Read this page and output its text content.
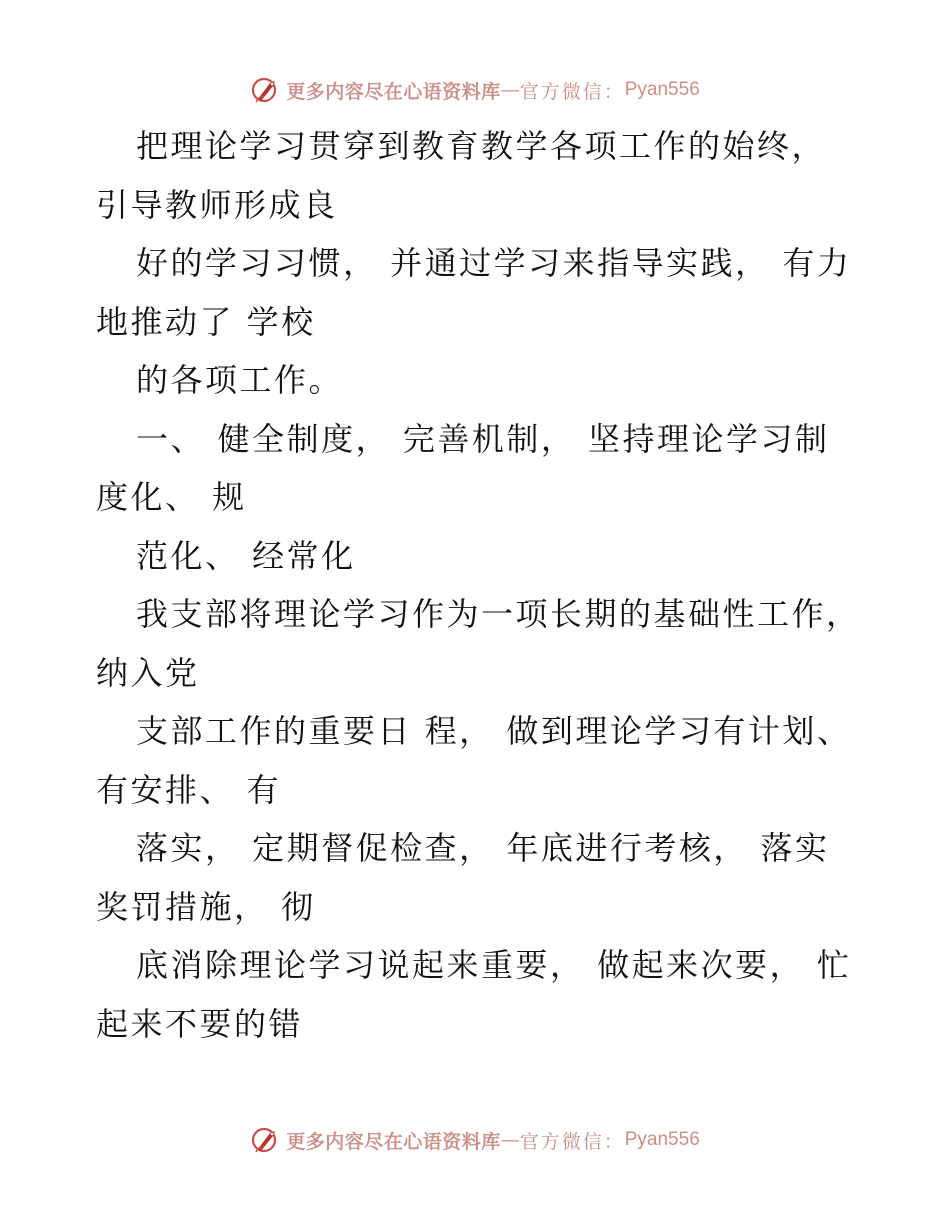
更多内容尽在心语资料库 — 官方微信： Pyan556
把理论学习贯穿到教育教学各项工作的始终，
引导教师形成良
好的学习习惯， 并通过学习来指导实践， 有力
地推动了 学校
的各项工作。
一、 健全制度， 完善机制， 坚持理论学习制
度化、 规
范化、 经常化
我支部将理论学习作为一项长期的基础性工作，
纳入党
支部工作的重要日 程， 做到理论学习有计划、
有安排、 有
落实， 定期督促检查， 年底进行考核， 落实
奖罚措施， 彻
底消除理论学习说起来重要， 做起来次要， 忙
起来不要的错
更多内容尽在心语资料库 — 官方微信： Pyan556
